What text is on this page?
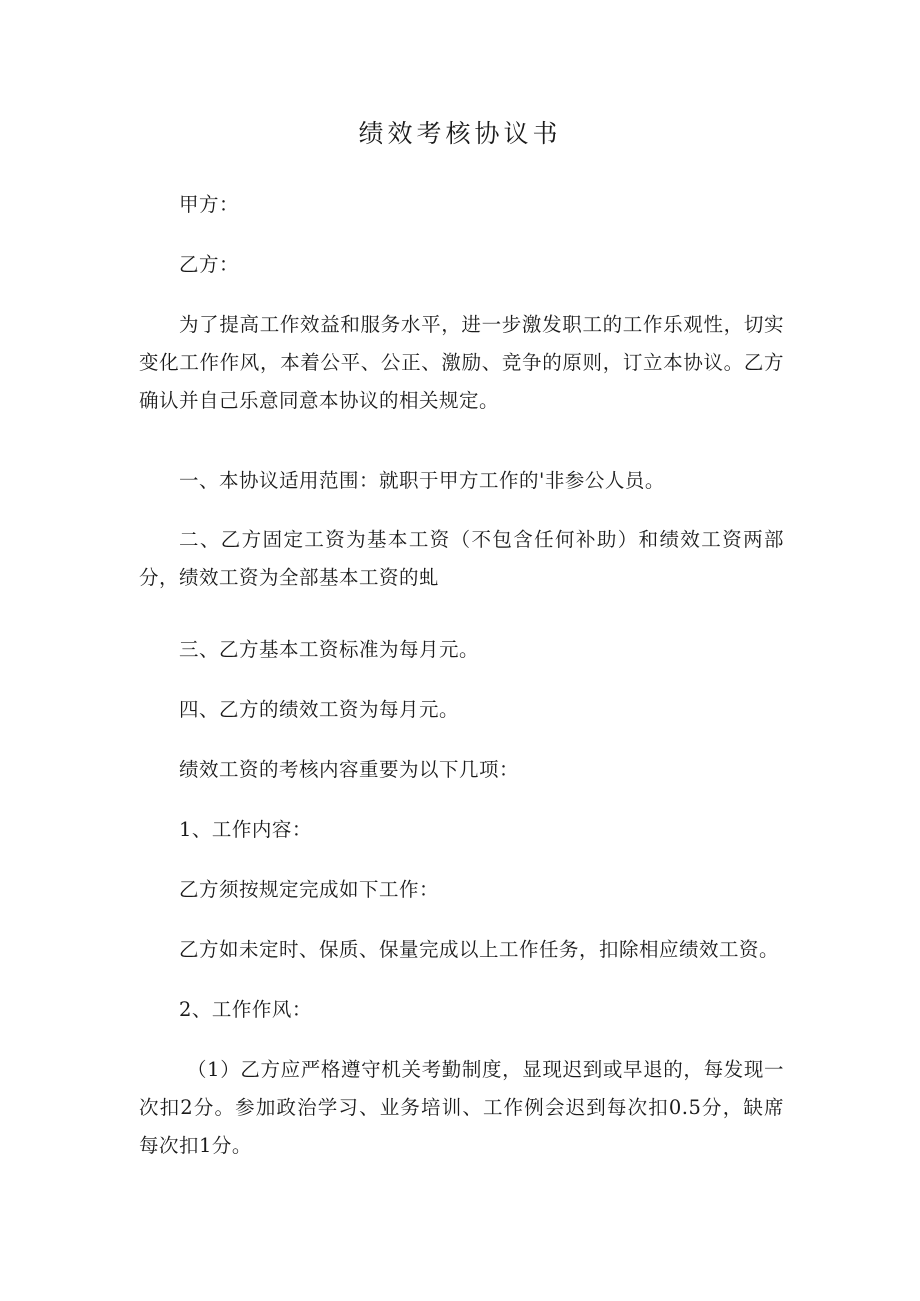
绩效考核协议书

甲方：

乙方：

为了提高工作效益和服务水平，进一步激发职工的工作乐观性，切实变化工作作风，本着公平、公正、激励、竞争的原则，订立本协议。乙方确认并自己乐意同意本协议的相关规定。

一、本协议适用范围：就职于甲方工作的'非参公人员。

二、乙方固定工资为基本工资（不包含任何补助）和绩效工资两部分，绩效工资为全部基本工资的虬

三、乙方基本工资标准为每月元。

四、乙方的绩效工资为每月元。

绩效工资的考核内容重要为以下几项：

1、工作内容：

乙方须按规定完成如下工作：

乙方如未定时、保质、保量完成以上工作任务，扣除相应绩效工资。

2、工作作风：

（1）乙方应严格遵守机关考勤制度，显现迟到或早退的，每发现一次扣2分。参加政治学习、业务培训、工作例会迟到每次扣0.5分，缺席每次扣1分。
